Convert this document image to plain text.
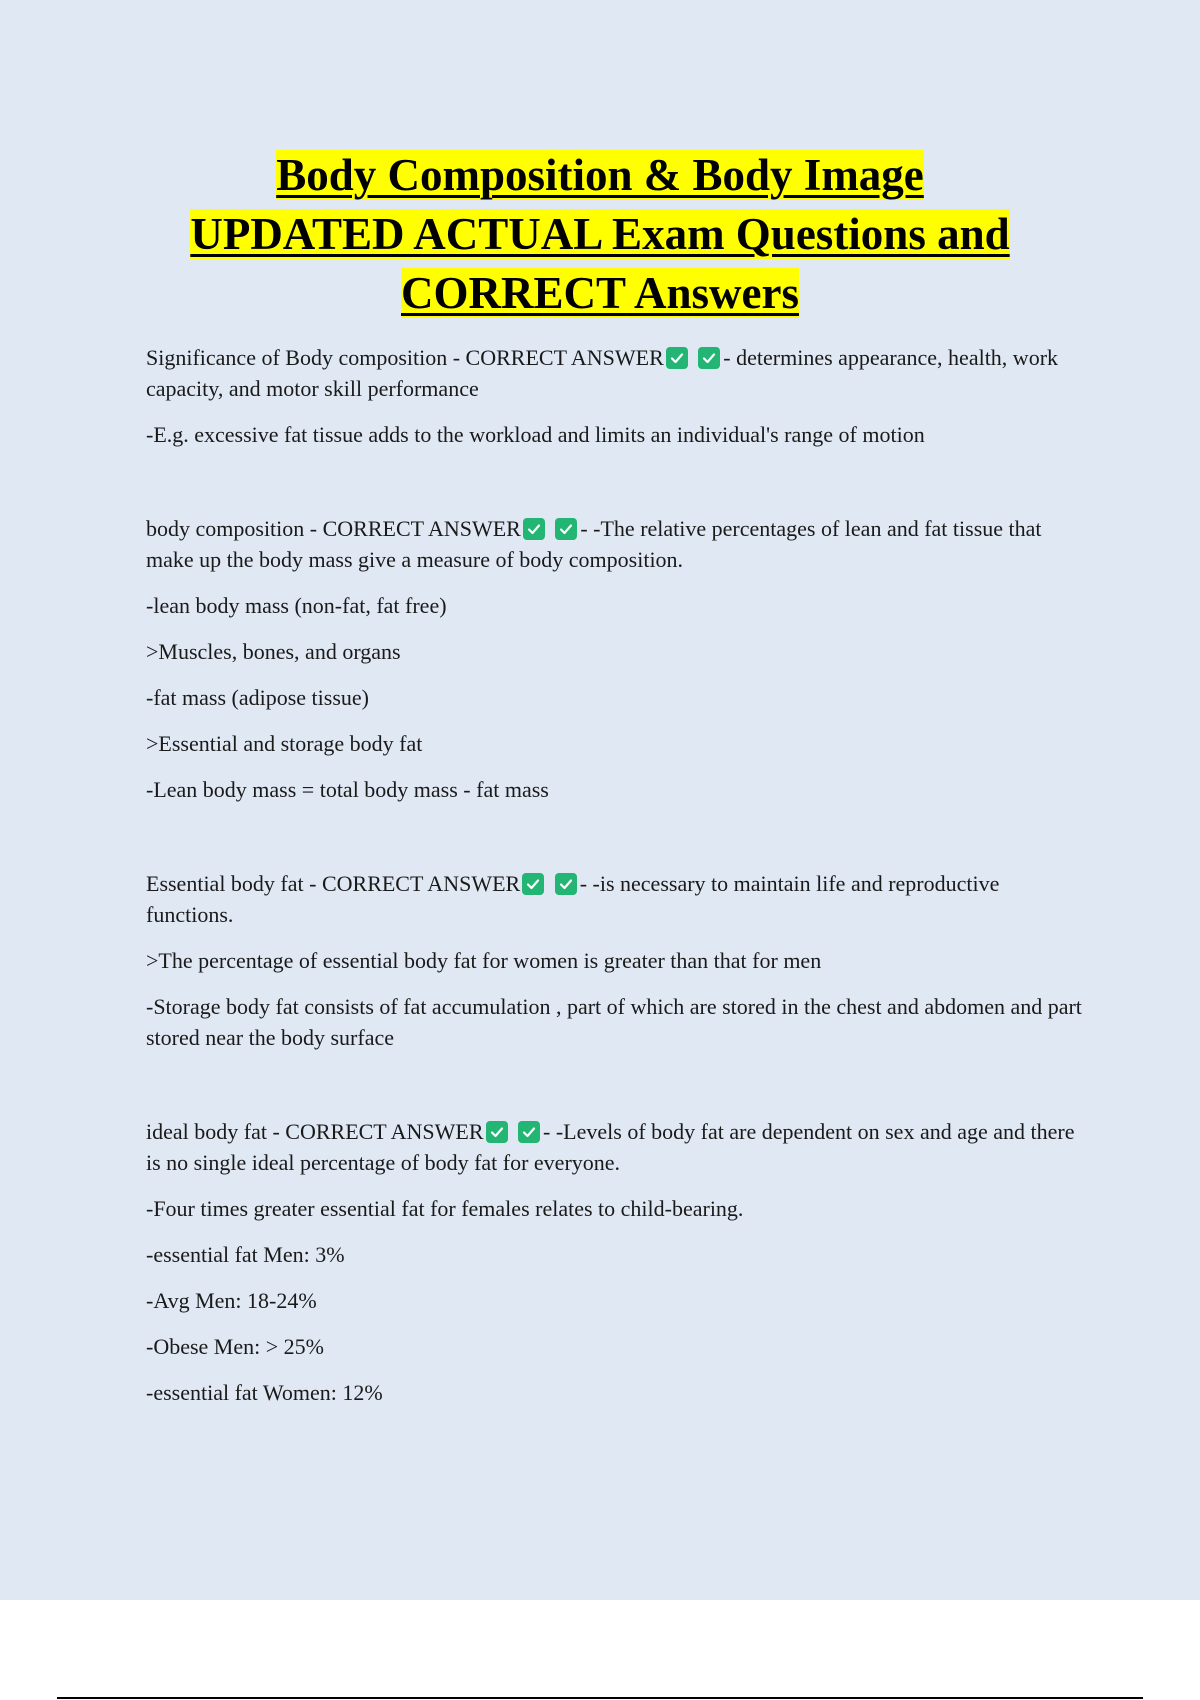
Body Composition & Body Image
UPDATED ACTUAL Exam Questions and
CORRECT Answers

Significance of Body composition - CORRECT ANSWER
	- determines appearance, health, work capacity, and motor skill performance

-E.g. excessive fat tissue adds to the workload and limits an individual's range of motion

body composition - CORRECT ANSWER
	- -The relative percentages of lean and fat tissue that make up the body mass give a measure of body composition.

-lean body mass (non-fat, fat free)

>Muscles, bones, and organs

-fat mass (adipose tissue)

>Essential and storage body fat

-Lean body mass = total body mass - fat mass

Essential body fat - CORRECT ANSWER
	- -is necessary to maintain life and reproductive functions.

>The percentage of essential body fat for women is greater than that for men

-Storage body fat consists of fat accumulation , part of which are stored in the chest and abdomen and part stored near the body surface

ideal body fat - CORRECT ANSWER
	- -Levels of body fat are dependent on sex and age and there is no single ideal percentage of body fat for everyone.

-Four times greater essential fat for females relates to child-bearing.

-essential fat Men: 3%

-Avg Men: 18-24%

-Obese Men: > 25%

-essential fat Women: 12%
